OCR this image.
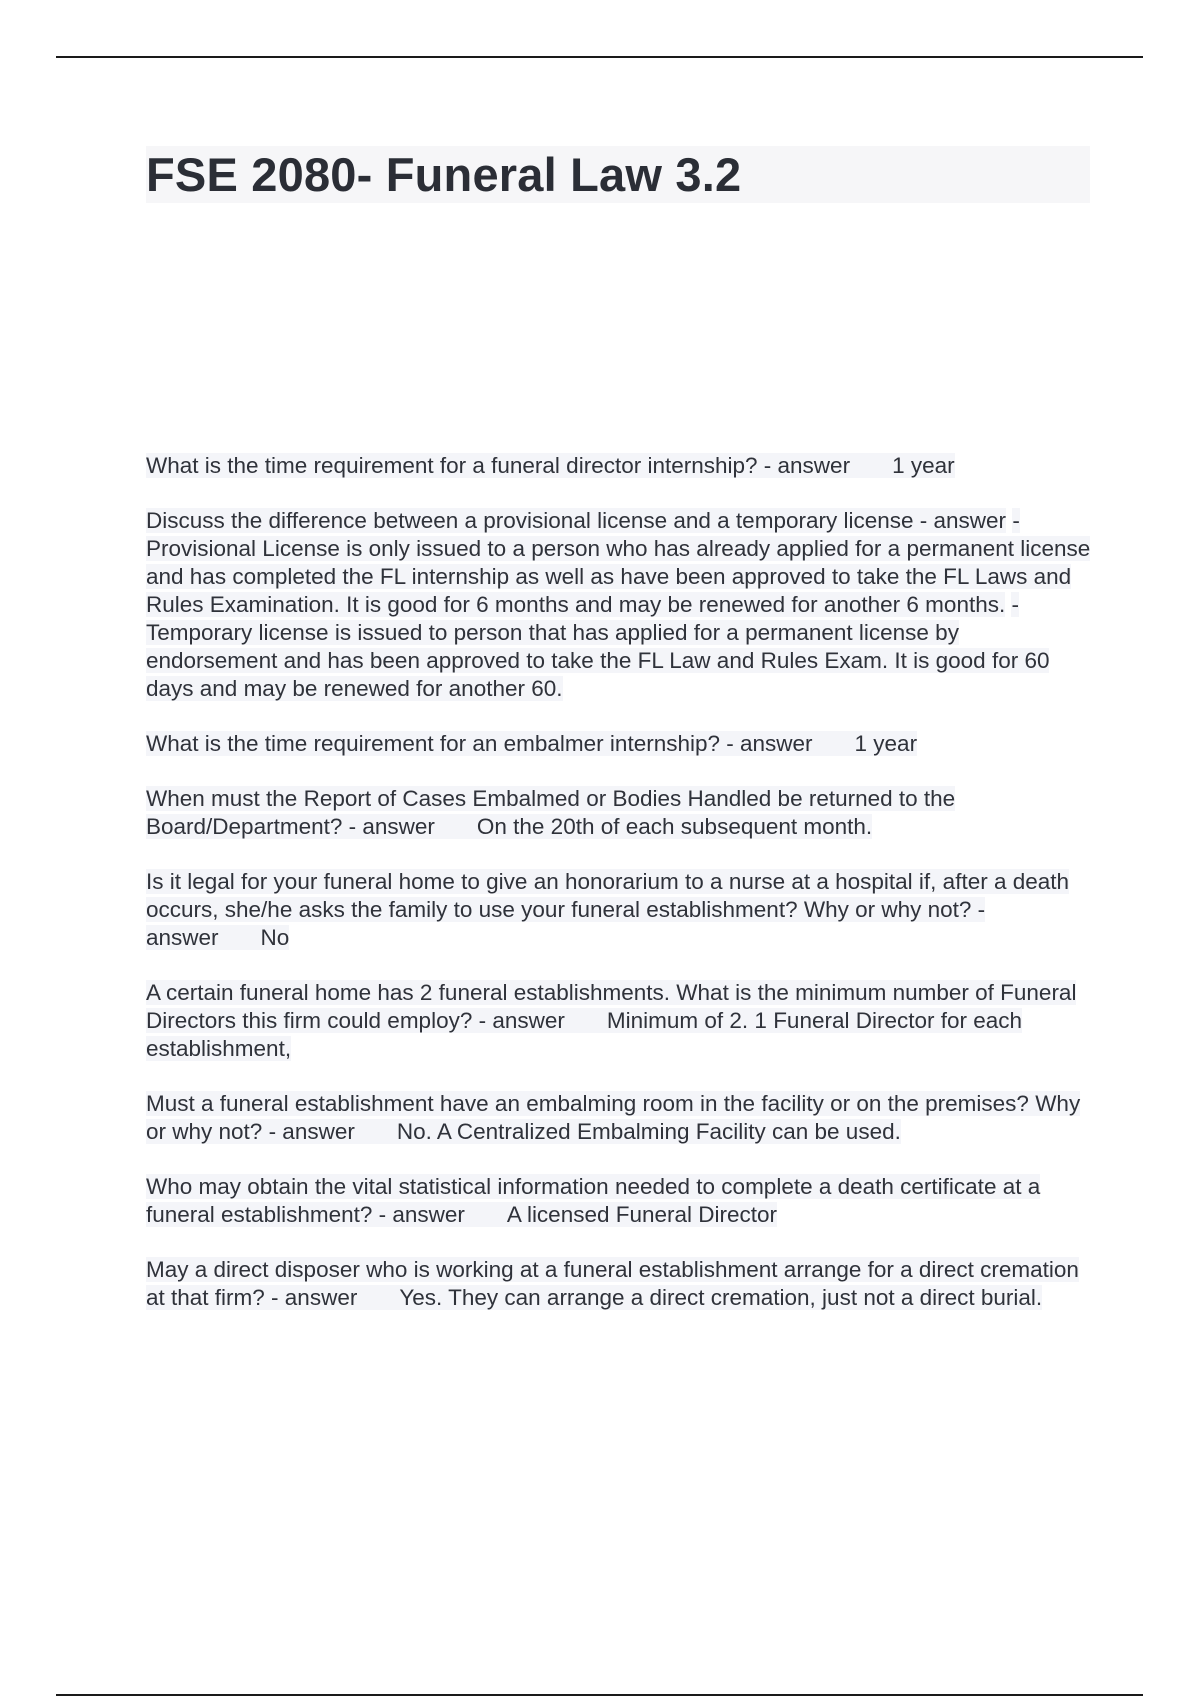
FSE 2080- Funeral Law 3.2

What is the time requirement for a funeral director internship? - answer 1 year

Discuss the difference between a provisional license and a temporary license - answer -Provisional License is only issued to a person who has already applied for a permanent license and has completed the FL internship as well as have been approved to take the FL Laws and Rules Examination. It is good for 6 months and may be renewed for another 6 months. -Temporary license is issued to person that has applied for a permanent license by endorsement and has been approved to take the FL Law and Rules Exam. It is good for 60 days and may be renewed for another 60.

What is the time requirement for an embalmer internship? - answer 1 year

When must the Report of Cases Embalmed or Bodies Handled be returned to the Board/Department? - answer On the 20th of each subsequent month.

Is it legal for your funeral home to give an honorarium to a nurse at a hospital if, after a death occurs, she/he asks the family to use your funeral establishment? Why or why not? - answer No

A certain funeral home has 2 funeral establishments. What is the minimum number of Funeral Directors this firm could employ? - answer Minimum of 2. 1 Funeral Director for each establishment,

Must a funeral establishment have an embalming room in the facility or on the premises? Why or why not? - answer No. A Centralized Embalming Facility can be used.

Who may obtain the vital statistical information needed to complete a death certificate at a funeral establishment? - answer A licensed Funeral Director

May a direct disposer who is working at a funeral establishment arrange for a direct cremation at that firm? - answer Yes. They can arrange a direct cremation, just not a direct burial.
